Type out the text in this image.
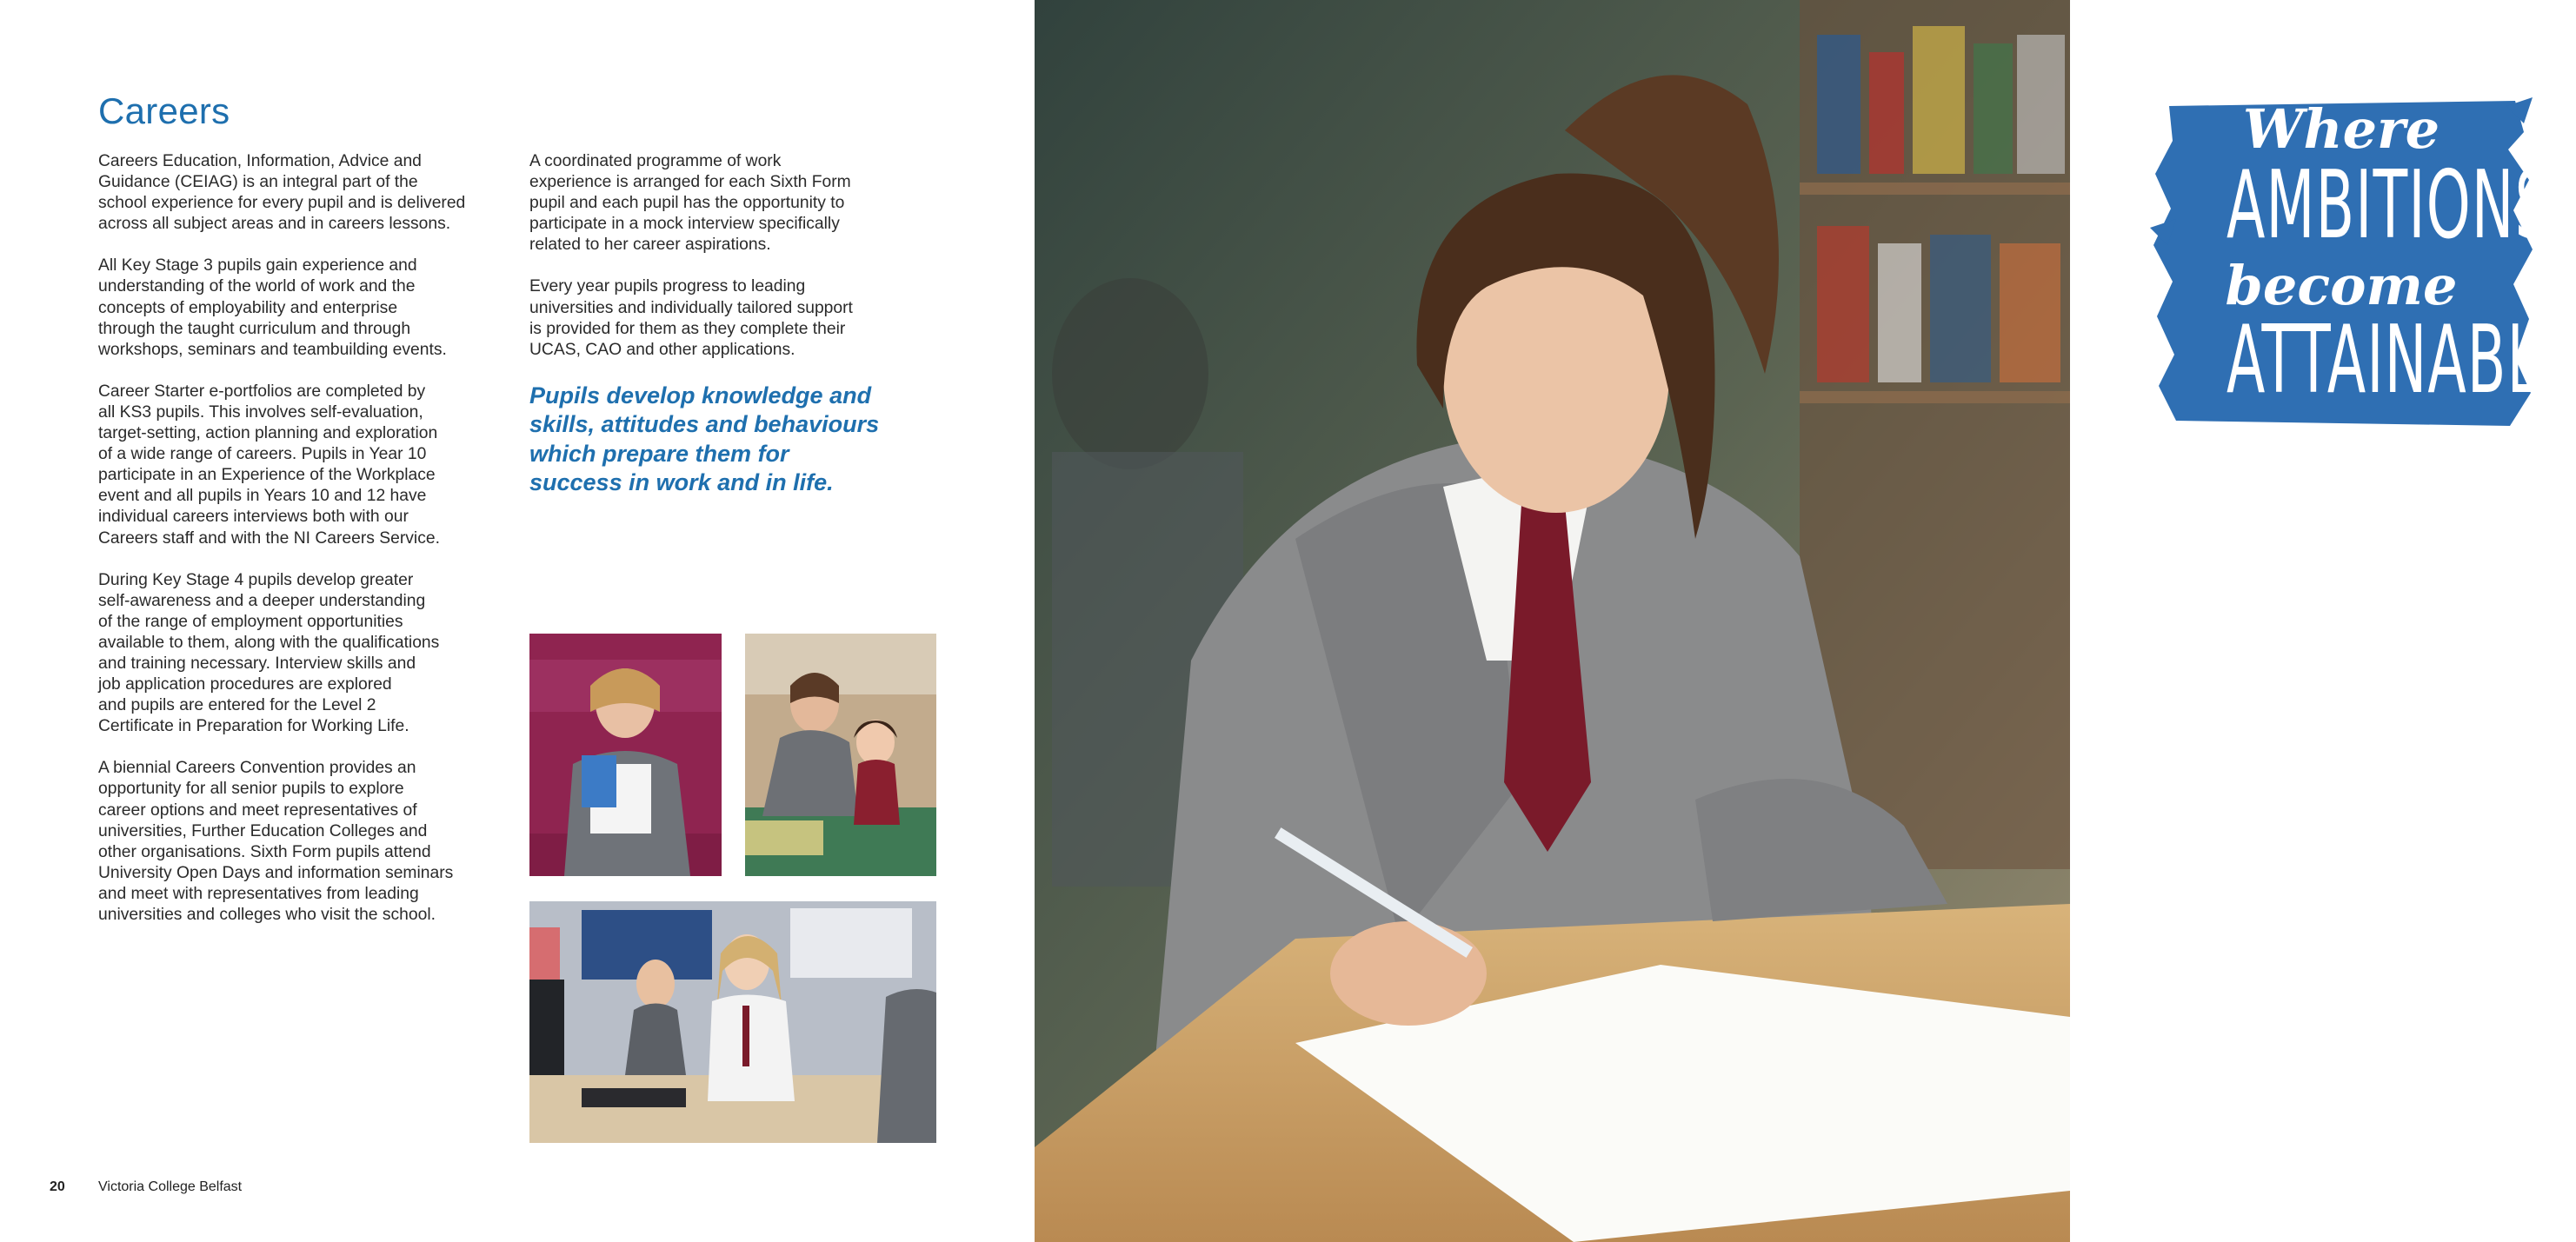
Careers

Careers Education, Information, Advice and
Guidance (CEIAG) is an integral part of the
school experience for every pupil and is delivered
across all subject areas and in careers lessons.

All Key Stage 3 pupils gain experience and
understanding of the world of work and the
concepts of employability and enterprise
through the taught curriculum and through
workshops, seminars and teambuilding events.

Career Starter e-portfolios are completed by
all KS3 pupils. This involves self-evaluation,
target-setting, action planning and exploration
of a wide range of careers. Pupils in Year 10
participate in an Experience of the Workplace
event and all pupils in Years 10 and 12 have
individual careers interviews both with our
Careers staff and with the NI Careers Service.

During Key Stage 4 pupils develop greater
self-awareness and a deeper understanding
of the range of employment opportunities
available to them, along with the qualifications
and training necessary. Interview skills and
job application procedures are explored
and pupils are entered for the Level 2
Certificate in Preparation for Working Life.

A biennial Careers Convention provides an
opportunity for all senior pupils to explore
career options and meet representatives of
universities, Further Education Colleges and
other organisations. Sixth Form pupils attend
University Open Days and information seminars
and meet with representatives from leading
universities and colleges who visit the school.

A coordinated programme of work
experience is arranged for each Sixth Form
pupil and each pupil has the opportunity to
participate in a mock interview specifically
related to her career aspirations.

Every year pupils progress to leading
universities and individually tailored support
is provided for them as they complete their
UCAS, CAO and other applications.

Pupils develop knowledge and
skills, attitudes and behaviours
which prepare them for
success in work and in life.

20 Victoria College Belfast
Where
AMBITIONS
become
ATTAINABLE
